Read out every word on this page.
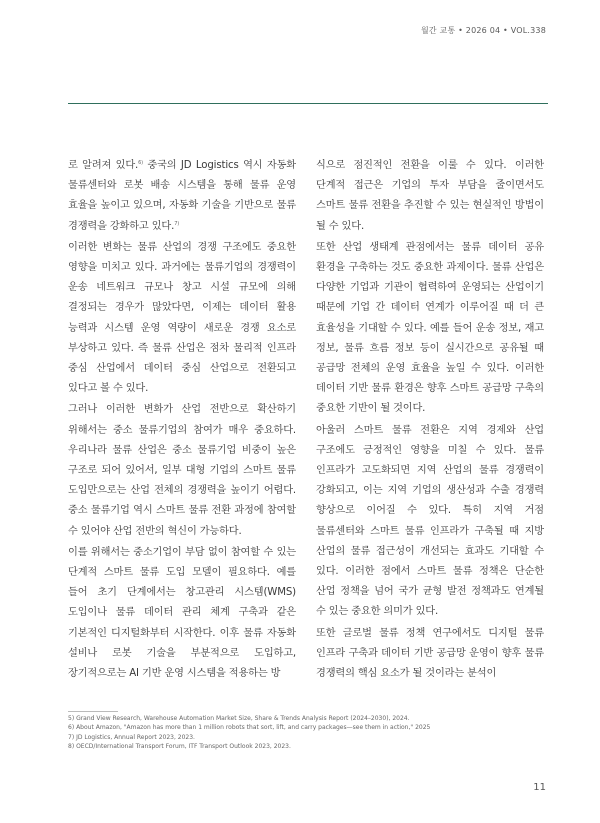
월간 교통 • 2026 04 • VOL.338

로 알려져 있다.$^{6)}$ 중국의 JD Logistics 역시 자동화 물류센터와 로봇 배송 시스템을 통해 물류 운영 효율을 높이고 있으며, 자동화 기술을 기반으로 물류 경쟁력을 강화하고 있다.$^{7)}$

이러한 변화는 물류 산업의 경쟁 구조에도 중요한 영향을 미치고 있다. 과거에는 물류기업의 경쟁력이 운송 네트워크 규모나 창고 시설 규모에 의해 결정되는 경우가 많았다면, 이제는 데이터 활용 능력과 시스템 운영 역량이 새로운 경쟁 요소로 부상하고 있다. 즉 물류 산업은 점차 물리적 인프라 중심 산업에서 데이터 중심 산업으로 전환되고 있다고 볼 수 있다.

그러나 이러한 변화가 산업 전반으로 확산하기 위해서는 중소 물류기업의 참여가 매우 중요하다. 우리나라 물류 산업은 중소 물류기업 비중이 높은 구조로 되어 있어서, 일부 대형 기업의 스마트 물류 도입만으로는 산업 전체의 경쟁력을 높이기 어렵다. 중소 물류기업 역시 스마트 물류 전환 과정에 참여할 수 있어야 산업 전반의 혁신이 가능하다.

이를 위해서는 중소기업이 부담 없이 참여할 수 있는 단계적 스마트 물류 도입 모델이 필요하다. 예를 들어 초기 단계에서는 창고관리 시스템(WMS) 도입이나 물류 데이터 관리 체계 구축과 같은 기본적인 디지털화부터 시작한다. 이후 물류 자동화 설비나 로봇 기술을 부분적으로 도입하고, 장기적으로는 AI 기반 운영 시스템을 적용하는 방

식으로 점진적인 전환을 이룰 수 있다. 이러한 단계적 접근은 기업의 투자 부담을 줄이면서도 스마트 물류 전환을 추진할 수 있는 현실적인 방법이 될 수 있다.

또한 산업 생태계 관점에서는 물류 데이터 공유 환경을 구축하는 것도 중요한 과제이다. 물류 산업은 다양한 기업과 기관이 협력하여 운영되는 산업이기 때문에 기업 간 데이터 연계가 이루어질 때 더 큰 효율성을 기대할 수 있다. 예를 들어 운송 정보, 재고 정보, 물류 흐름 정보 등이 실시간으로 공유될 때 공급망 전체의 운영 효율을 높일 수 있다. 이러한 데이터 기반 물류 환경은 향후 스마트 공급망 구축의 중요한 기반이 될 것이다.

아울러 스마트 물류 전환은 지역 경제와 산업 구조에도 긍정적인 영향을 미칠 수 있다. 물류 인프라가 고도화되면 지역 산업의 물류 경쟁력이 강화되고, 이는 지역 기업의 생산성과 수출 경쟁력 향상으로 이어질 수 있다. 특히 지역 거점 물류센터와 스마트 물류 인프라가 구축될 때 지방 산업의 물류 접근성이 개선되는 효과도 기대할 수 있다. 이러한 점에서 스마트 물류 정책은 단순한 산업 정책을 넘어 국가 균형 발전 정책과도 연계될 수 있는 중요한 의미가 있다.

또한 글로벌 물류 정책 연구에서도 디지털 물류 인프라 구축과 데이터 기반 공급망 운영이 향후 물류 경쟁력의 핵심 요소가 될 것이라는 분석이

5) Grand View Research, Warehouse Automation Market Size, Share & Trends Analysis Report (2024–2030), 2024.
6) About Amazon, "Amazon has more than 1 million robots that sort, lift, and carry packages—see them in action," 2025
7) JD Logistics, Annual Report 2023, 2023.
8) OECD/International Transport Forum, ITF Transport Outlook 2023, 2023.
11
